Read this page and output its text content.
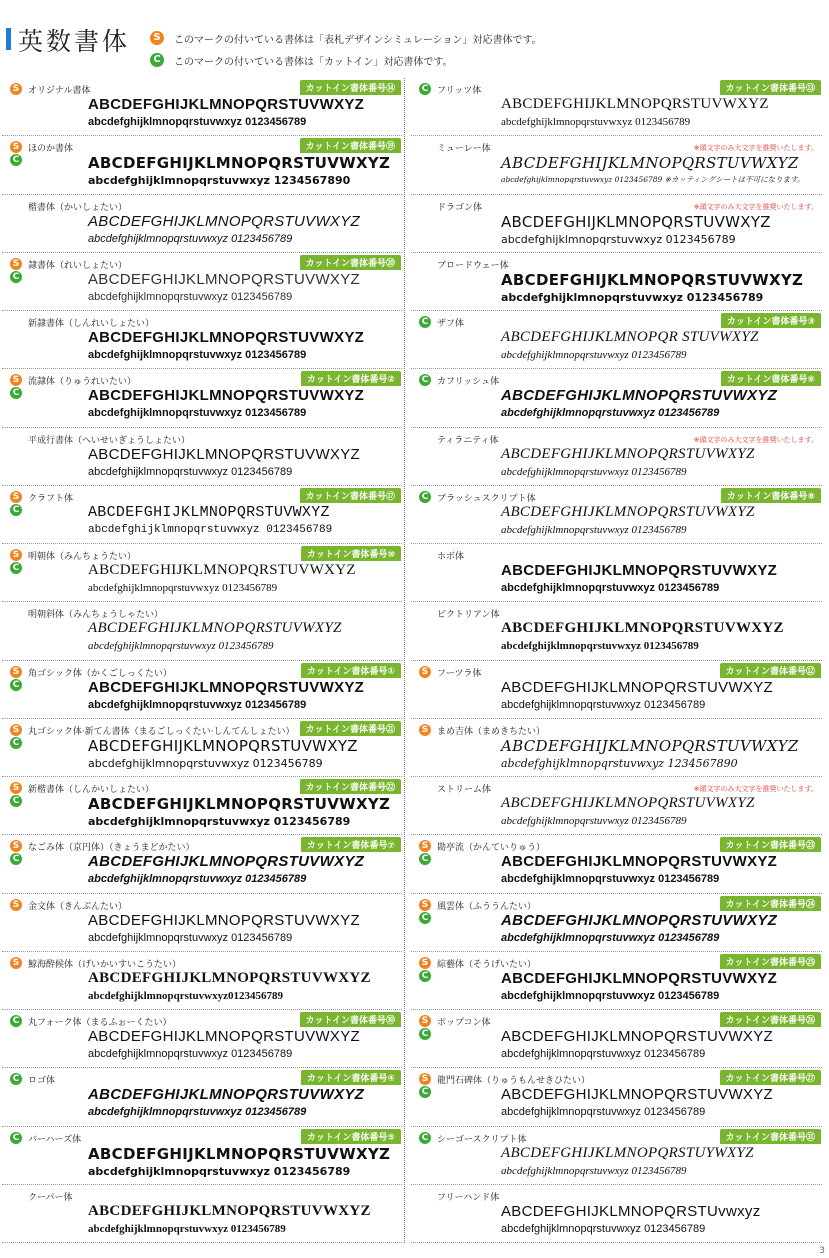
英数書体	S	このマークの付いている書体は「表札デザインシミュレーション」対応書体です。
C	このマークの付いている書体は「カットイン」対応書体です。
S オリジナル書体	カットイン書体番号⑭
ABCDEFGHIJKLMNOPQRSTUVWXYZ
abcdefghijklmnopqrstuvwxyz 0123456789
S
C
ほのか書体	カットイン書体番号⑲
ABCDEFGHIJKLMNOPQRSTUVWXYZ
abcdefghijklmnopqrstuvwxyz 1234567890
楷書体（かいしょたい）
ABCDEFGHIJKLMNOPQRSTUVWXYZ
abcdefghijklmnopqrstuvwxyz 0123456789
S
C
隷書体（れいしょたい）	カットイン書体番号⑳
ABCDEFGHIJKLMNOPQRSTUVWXYZ
abcdefghijklmnopqrstuvwxyz 0123456789
新隷書体（しんれいしょたい）
ABCDEFGHIJKLMNOPQRSTUVWXYZ
abcdefghijklmnopqrstuvwxyz 0123456789
S
C
流隷体（りゅうれいたい）	カットイン書体番号②
ABCDEFGHIJKLMNOPQRSTUVWXYZ
abcdefghijklmnopqrstuvwxyz 0123456789
平成行書体（へいせいぎょうしょたい）
ABCDEFGHIJKLMNOPQRSTUVWXYZ
abcdefghijklmnopqrstuvwxyz 0123456789
S
C
クラフト体	カットイン書体番号⑰
ABCDEFGHIJKLMNOPQRSTUVWXYZ
abcdefghijklmnopqrstuvwxyz 0123456789
S
C
明朝体（みんちょうたい）	カットイン書体番号⑩
ABCDEFGHIJKLMNOPQRSTUVWXYZ
abcdefghijklmnopqrstuvwxyz 0123456789
明朝斜体（みんちょうしゃたい）
ABCDEFGHIJKLMNOPQRSTUVWXYZ
abcdefghijklmnopqrstuvwxyz 0123456789
S
C
角ゴシック体（かくごしっくたい）	カットイン書体番号①
ABCDEFGHIJKLMNOPQRSTUVWXYZ
abcdefghijklmnopqrstuvwxyz 0123456789
S
C
丸ゴシック体·新てん書体（まるごしっくたい·しんてんしょたい）	カットイン書体番号㉑
ABCDEFGHIJKLMNOPQRSTUVWXYZ
abcdefghijklmnopqrstuvwxyz 0123456789
S
C
新楷書体（しんかいしょたい）	カットイン書体番号㉒
ABCDEFGHIJKLMNOPQRSTUVWXYZ
abcdefghijklmnopqrstuvwxyz 0123456789
S
C
なごみ体（京円体）（きょうまどかたい）	カットイン書体番号⑦
ABCDEFGHIJKLMNOPQRSTUVWXYZ
abcdefghijklmnopqrstuvwxyz 0123456789
S 金文体（きんぶんたい）
ABCDEFGHIJKLMNOPQRSTUVWXYZ
abcdefghijklmnopqrstuvwxyz 0123456789
S 鯨海酔候体（げいかいすいこうたい）
ABCDEFGHIJKLMNOPQRSTUVWXYZ
abcdefghijklmnopqrstuvwxyz0123456789
C 丸フォーク体（まるふぉーくたい）	カットイン書体番号㉚
ABCDEFGHIJKLMNOPQRSTUVWXYZ
abcdefghijklmnopqrstuvwxyz 0123456789
C ロゴ体	カットイン書体番号④
ABCDEFGHIJKLMNOPQRSTUVWXYZ
abcdefghijklmnopqrstuvwxyz 0123456789
C バーハーズ体	カットイン書体番号⑤
ABCDEFGHIJKLMNOPQRSTUVWXYZ
abcdefghijklmnopqrstuvwxyz 0123456789
クーパー体
ABCDEFGHIJKLMNOPQRSTUVWXYZ
abcdefghijklmnopqrstuvwxyz 0123456789
C フリッツ体	カットイン書体番号⑬
ABCDEFGHIJKLMNOPQRSTUVWXYZ
abcdefghijklmnopqrstuvwxyz 0123456789
ミューレー体	※頭文字のみ大文字を推奨いたします。
ABCDEFGHIJKLMNOPQRSTUVWXYZ
abcdefghijklmnopqrstuvwxyz 0123456789 ※カッティングシートは不可になります。
ドラゴン体	※頭文字のみ大文字を推奨いたします。
ABCDEFGHIJKLMNOPQRSTUVWXYZ
abcdefghijklmnopqrstuvwxyz 0123456789
ブロードウェー体
ABCDEFGHIJKLMNOPQRSTUVWXYZ
abcdefghijklmnopqrstuvwxyz 0123456789
C ザフ体	カットイン書体番号③
ABCDEFGHIJKLMNOPQR STUVWXYZ
abcdefghijklmnopqrstuvwxyz 0123456789
C カフリッシュ体	カットイン書体番号⑥
ABCDEFGHIJKLMNOPQRSTUVWXYZ
abcdefghijklmnopqrstuvwxyz 0123456789
ティラニティ体	※頭文字のみ大文字を推奨いたします。
ABCDEFGHIJKLMNOPQRSTUVWXYZ
abcdefghijklmnopqrstuvwxyz 0123456789
C ブラッシュスクリプト体	カットイン書体番号⑧
ABCDEFGHIJKLMNOPQRSTUVWXYZ
abcdefghijklmnopqrstuvwxyz 0123456789
ホボ体
ABCDEFGHIJKLMNOPQRSTUVWXYZ
abcdefghijklmnopqrstuvwxyz 0123456789
ビクトリアン体
ABCDEFGHIJKLMNOPQRSTUVWXYZ
abcdefghijklmnopqrstuvwxyz 0123456789
S フーツラ体	カットイン書体番号⑫
ABCDEFGHIJKLMNOPQRSTUVWXYZ
abcdefghijklmnopqrstuvwxyz 0123456789
S まめ吉体（まめきちたい）
ABCDEFGHIJKLMNOPQRSTUVWXYZ
abcdefghijklmnopqrstuvwxyz 1234567890
ストリーム体	※頭文字のみ大文字を推奨いたします。
ABCDEFGHIJKLMNOPQRSTUVWXYZ
abcdefghijklmnopqrstuvwxyz 0123456789
S
C
勘亭流（かんていりゅう）	カットイン書体番号㉓
ABCDEFGHIJKLMNOPQRSTUVWXYZ
abcdefghijklmnopqrstuvwxyz 0123456789
S
C
風雲体（ふううんたい）	カットイン書体番号㉔
ABCDEFGHIJKLMNOPQRSTUVWXYZ
abcdefghijklmnopqrstuvwxyz 0123456789
S
C
綜藝体（そうげいたい）	カットイン書体番号㉕
ABCDEFGHIJKLMNOPQRSTUVWXYZ
abcdefghijklmnopqrstuvwxyz 0123456789
S
C
ポップコン体	カットイン書体番号㉖
ABCDEFGHIJKLMNOPQRSTUVWXYZ
abcdefghijklmnopqrstuvwxyz 0123456789
S
C
龍門石碑体（りゅうもんせきひたい）	カットイン書体番号㉗
ABCDEFGHIJKLMNOPQRSTUVWXYZ
abcdefghijklmnopqrstuvwxyz 0123456789
C シーゴースクリプト体	カットイン書体番号㉛
ABCDEFGHIJKLMNOPQRSTUYWXYZ
abcdefghijklmnopqrstuvwxyz 0123456789
フリーハンド体
ABCDEFGHIJKLMNOPQRSTUvwxyz
abcdefghijklmnopqrstuvwxyz 0123456789
3
